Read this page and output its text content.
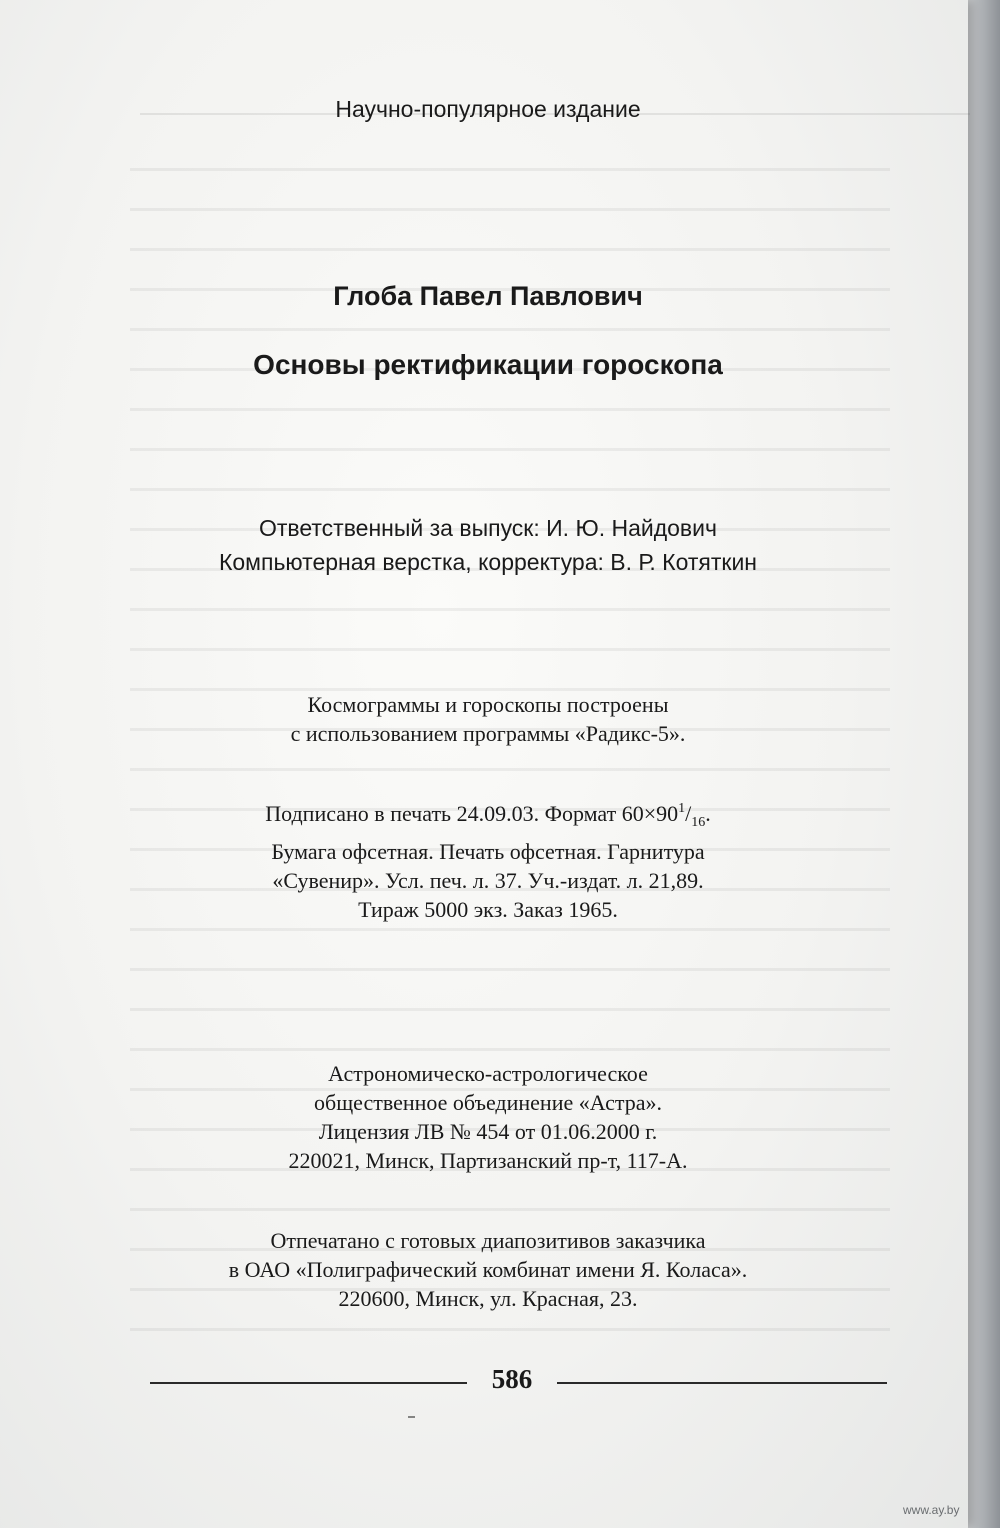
Научно-популярное издание
Глоба Павел Павлович
Основы ректификации гороскопа
Ответственный за выпуск: И. Ю. Найдович
Компьютерная верстка, корректура: В. Р. Котяткин
Космограммы и гороскопы построены
с использованием программы «Радикс-5».
Подписано в печать 24.09.03. Формат $60\times 90^1/_{16}$.
Бумага офсетная. Печать офсетная. Гарнитура
«Сувенир». Усл. печ. л. 37. Уч.-издат. л. 21,89.
Тираж 5000 экз. Заказ 1965.
Астрономическо-астрологическое
общественное объединение «Астра».
Лицензия ЛВ № 454 от 01.06.2000 г.
220021, Минск, Партизанский пр-т, 117-А.
Отпечатано с готовых диапозитивов заказчика
в ОАО «Полиграфический комбинат имени Я. Коласа».
220600, Минск, ул. Красная, 23.
586
www.ay.by
